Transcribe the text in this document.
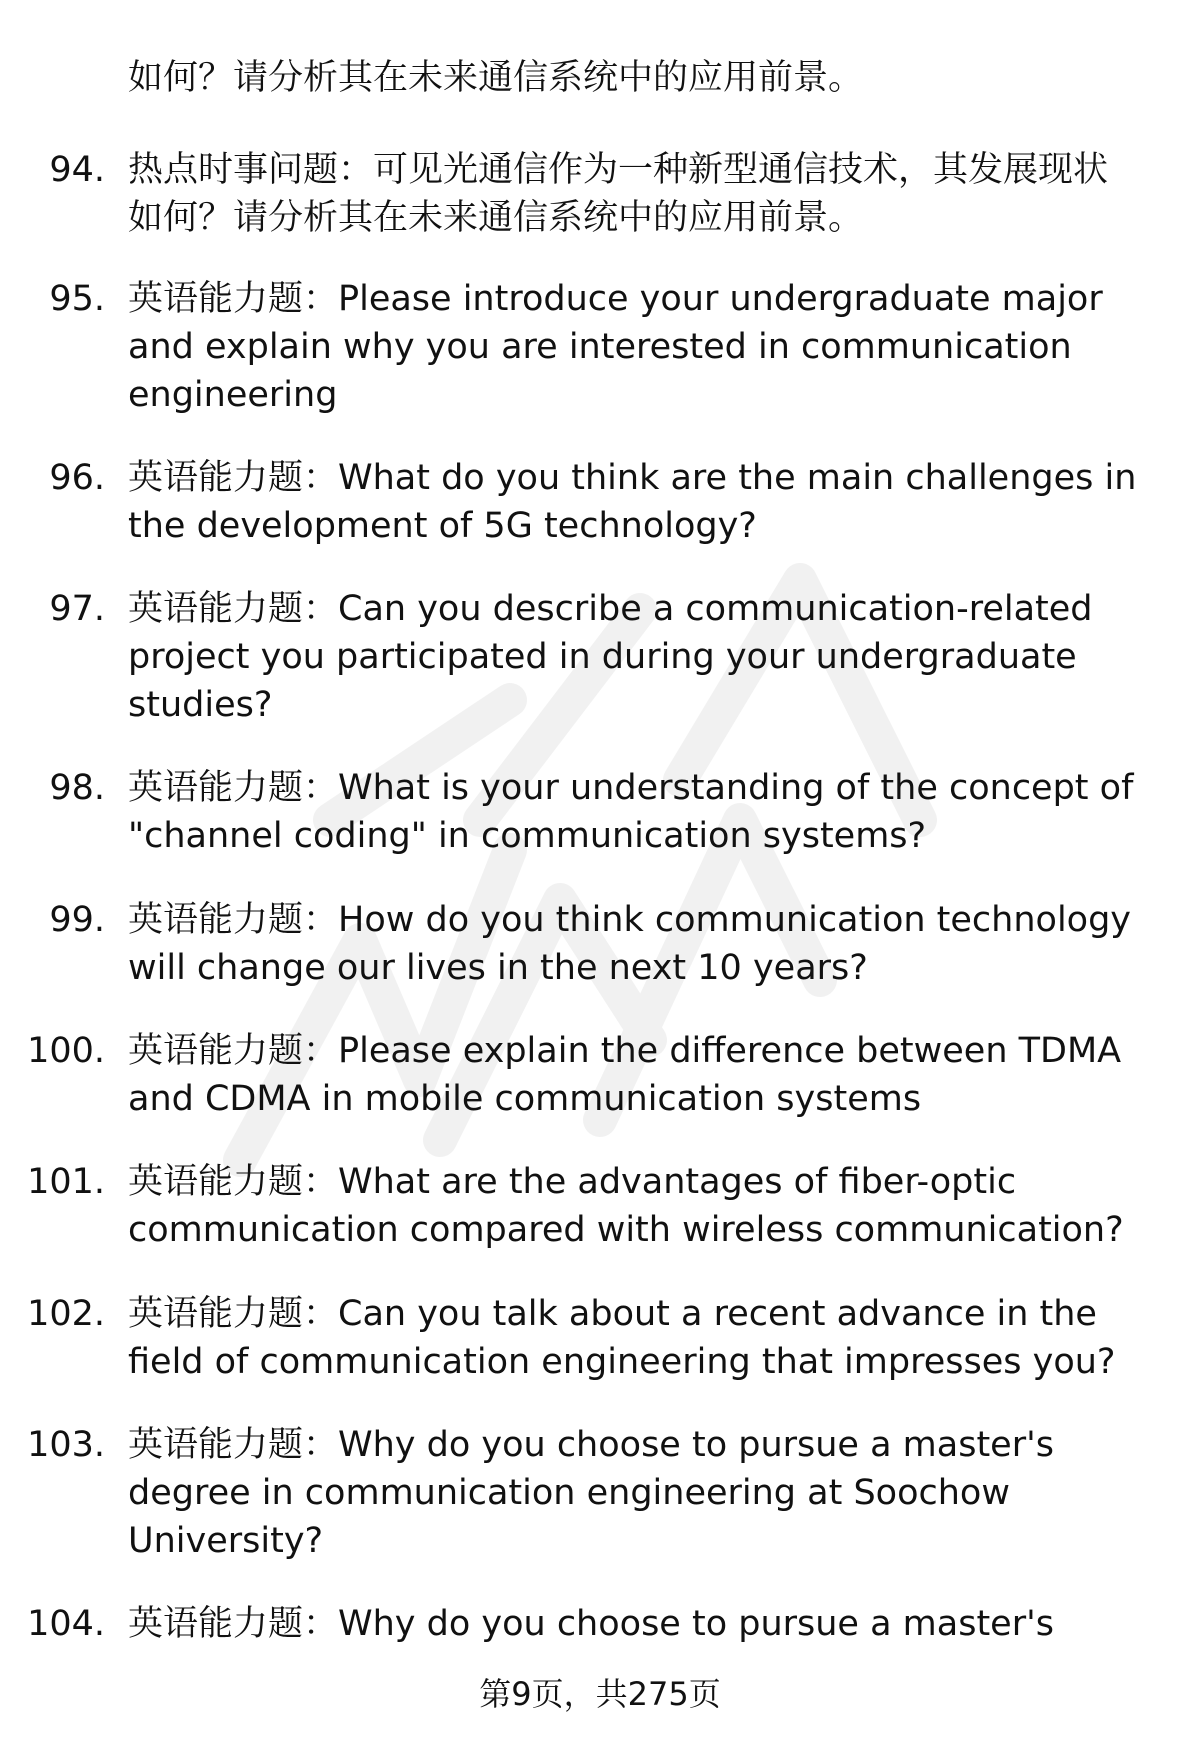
如何？请分析其在未来通信系统中的应用前景。
94. 热点时事问题：可见光通信作为一种新型通信技术，其发展现状
如何？请分析其在未来通信系统中的应用前景。
95. 英语能力题：Please introduce your undergraduate major
and explain why you are interested in communication
engineering
96. 英语能力题：What do you think are the main challenges in
the development of 5G technology?
97. 英语能力题：Can you describe a communication-related
project you participated in during your undergraduate
studies?
98. 英语能力题：What is your understanding of the concept of
"channel coding" in communication systems?
99. 英语能力题：How do you think communication technology
will change our lives in the next 10 years?
100. 英语能力题：Please explain the difference between TDMA
and CDMA in mobile communication systems
101. 英语能力题：What are the advantages of fiber-optic
communication compared with wireless communication?
102. 英语能力题：Can you talk about a recent advance in the
field of communication engineering that impresses you?
103. 英语能力题：Why do you choose to pursue a master's
degree in communication engineering at Soochow
University?
104. 英语能力题：Why do you choose to pursue a master's
第9页，共275页
